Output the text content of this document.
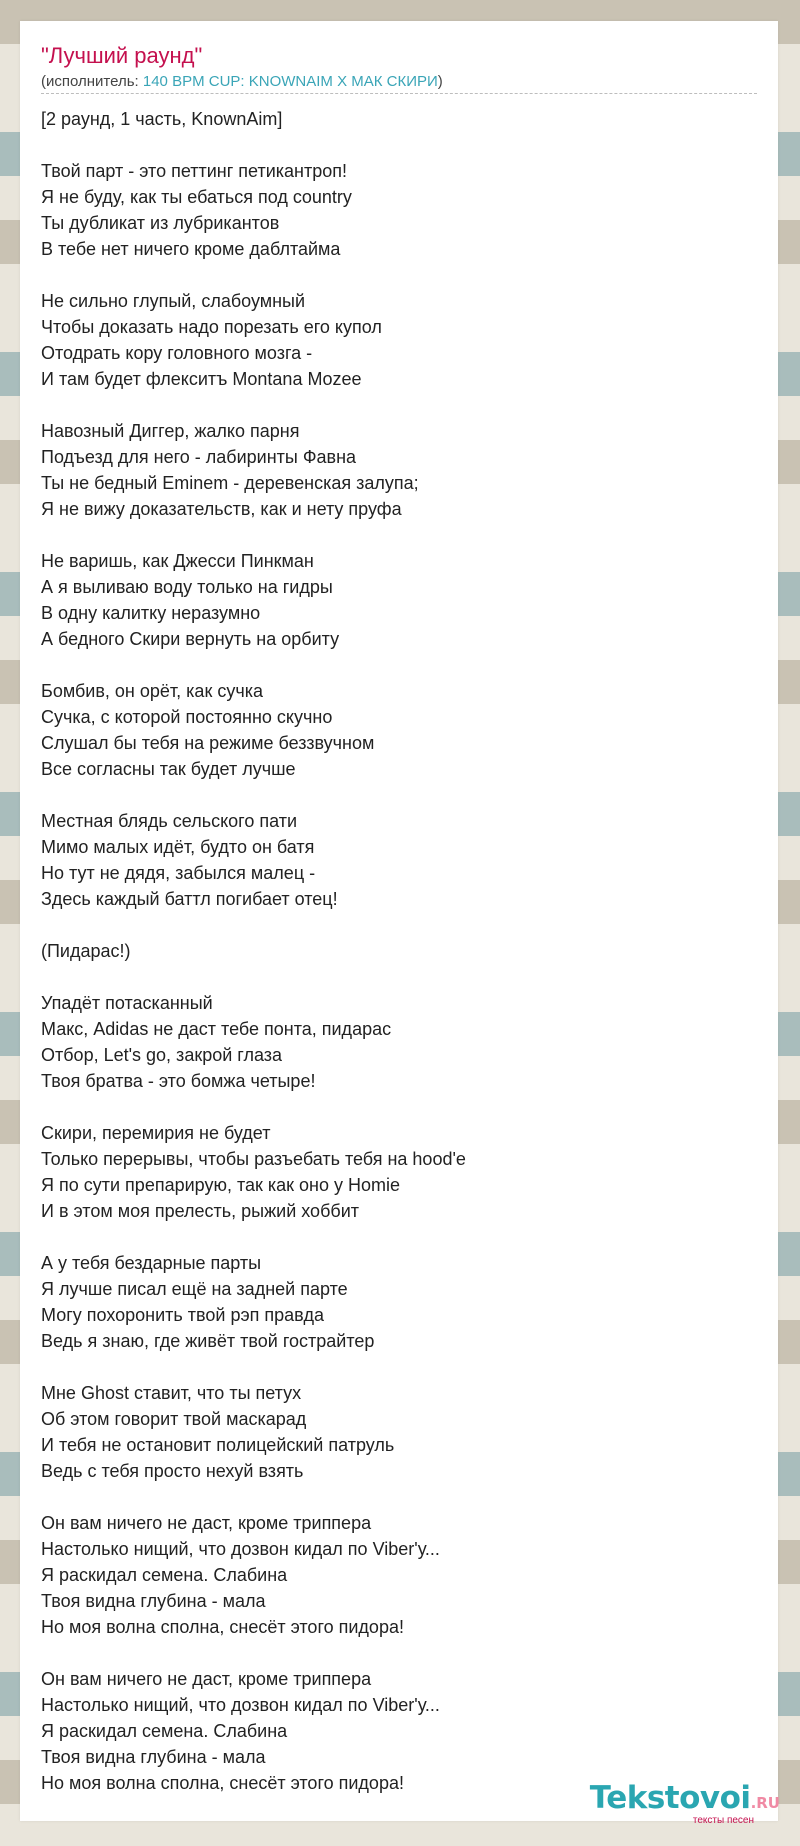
"Лучший раунд"
(исполнитель: 140 BPM CUP: KNOWNAIM X МАК СКИРИ)
[2 раунд, 1 часть, KnownAim]
Твой парт - это петтинг петикантроп!
Я не буду, как ты ебаться под country
Ты дубликат из лубрикантов
В тебе нет ничего кроме даблтайма
Не сильно глупый, слабоумный
Чтобы доказать надо порезать его купол
Отодрать кору головного мозга -
И там будет флекситъ Montana Mozee
Навозный Диггер, жалко парня
Подъезд для него - лабиринты Фавна
Ты не бедный Eminem - деревенская залупа;
Я не вижу доказательств, как и нету пруфа
Не варишь, как Джесси Пинкман
А я выливаю воду только на гидры
В одну калитку неразумно
А бедного Скири вернуть на орбиту
Бомбив, он орёт, как сучка
Сучка, с которой постоянно скучно
Слушал бы тебя на режиме беззвучном
Все согласны так будет лучше
Местная блядь сельского пати
Мимо малых идёт, будто он батя
Но тут не дядя, забылся малец -
Здесь каждый баттл погибает отец!
(Пидарас!)
Упадёт потасканный
Макс, Adidas не даст тебе понта, пидарас
Отбор, Let's go, закрой глаза
Твоя братва - это бомжа четыре!
Скири, перемирия не будет
Только перерывы, чтобы разъебать тебя на hood'e
Я по сути препарирую, так как оно у Homie
И в этом моя прелесть, рыжий хоббит
А у тебя бездарные парты
Я лучше писал ещё на задней парте
Могу похоронить твой рэп правда
Ведь я знаю, где живёт твой гострайтер
Мне Ghost ставит, что ты петух
Об этом говорит твой маскарад
И тебя не остановит полицейский патруль
Ведь с тебя просто нехуй взять
Он вам ничего не даст, кроме триппера
Настолько нищий, что дозвон кидал по Viber'у...
Я раскидал семена. Слабина
Твоя видна глубина - мала
Но моя волна сполна, снесёт этого пидора!
Он вам ничего не даст, кроме триппера
Настолько нищий, что дозвон кидал по Viber'у...
Я раскидал семена. Слабина
Твоя видна глубина - мала
Но моя волна сполна, снесёт этого пидора!	Tekstovoi.RU
тексты песен
